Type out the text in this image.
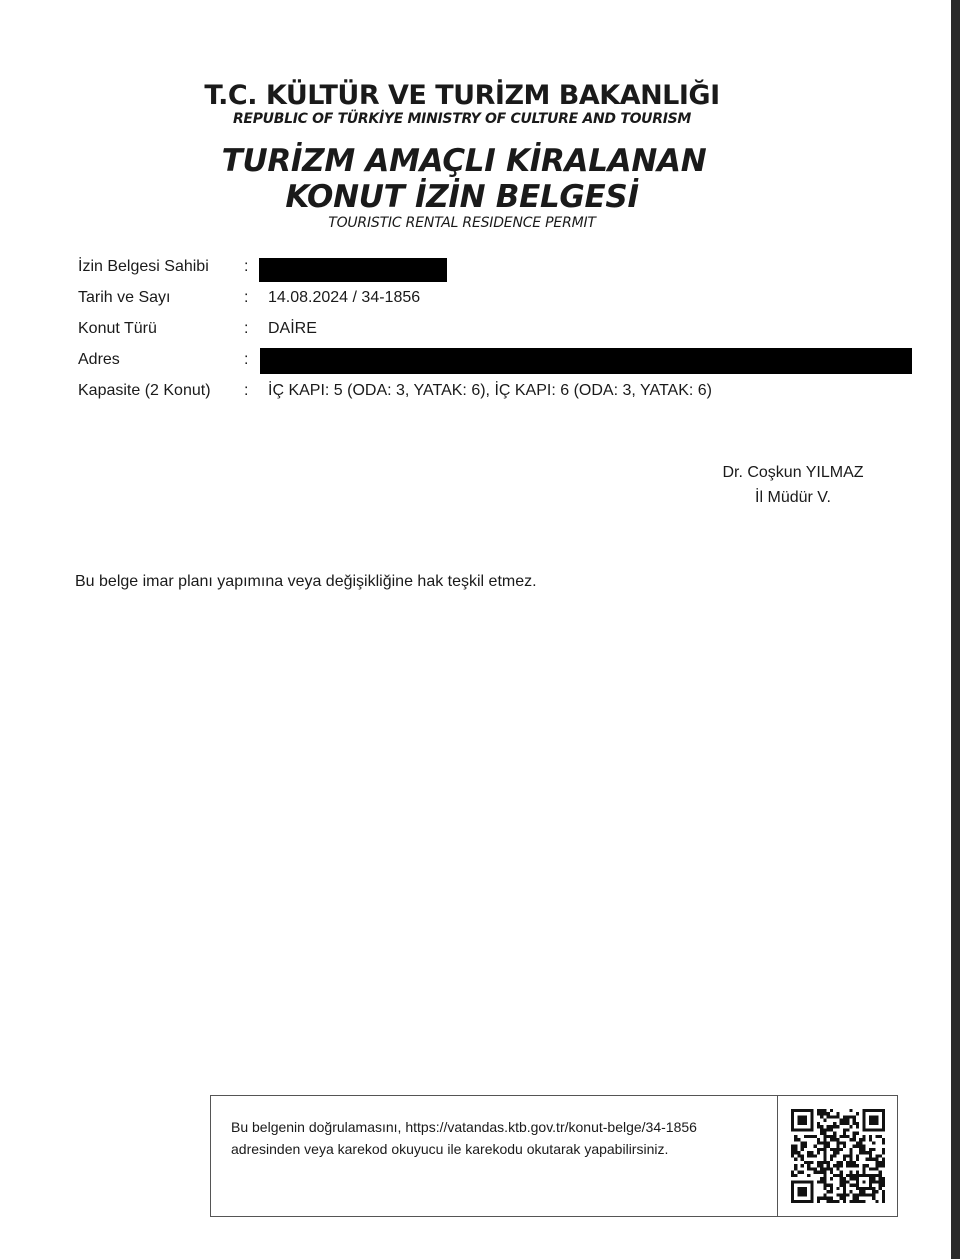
T.C. KÜLTÜR VE TURİZM BAKANLIĞI
REPUBLIC OF TÜRKİYE MINISTRY OF CULTURE AND TOURISM
TURİZM AMAÇLI KİRALANAN
KONUT İZİN BELGESİ
TOURISTIC RENTAL RESIDENCE PERMIT
İzin Belgesi Sahibi :
Tarih ve Sayı	: 14.08.2024 / 34-1856
Konut Türü	: DAİRE
Adres	:
Kapasite (2 Konut) : İÇ KAPI: 5 (ODA: 3, YATAK: 6), İÇ KAPI: 6 (ODA: 3, YATAK: 6)
Dr. Coşkun YILMAZ
İl Müdür V.
Bu belge imar planı yapımına veya değişikliğine hak teşkil etmez.
Bu belgenin doğrulamasını, https://vatandas.ktb.gov.tr/konut-belge/34-1856
adresinden veya karekod okuyucu ile karekodu okutarak yapabilirsiniz.
